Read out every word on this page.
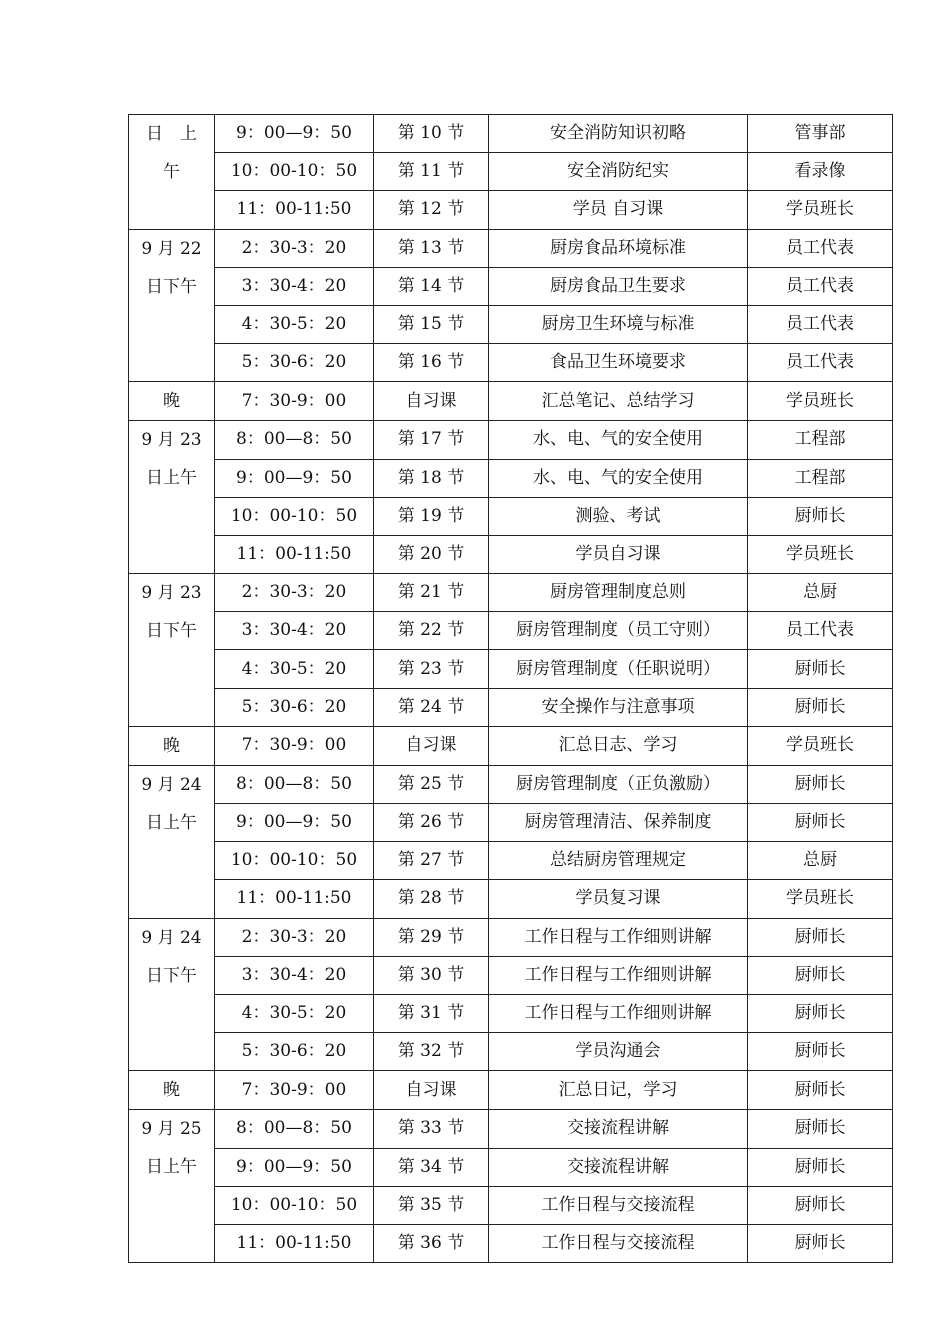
日　上
午	9：00—9：50	第 10 节	安全消防知识初略	管事部
	10：00-10：50	第 11 节	安全消防纪实	看录像
	11：00-11:50	第 12 节	学员 自习课	学员班长

9 月 22
日下午	2：30-3：20	第 13 节	厨房食品环境标准	员工代表
	3：30-4：20	第 14 节	厨房食品卫生要求	员工代表
	4：30-5：20	第 15 节	厨房卫生环境与标准	员工代表
	5：30-6：20	第 16 节	食品卫生环境要求	员工代表

晚	7：30-9：00	自习课	汇总笔记、总结学习	学员班长

9 月 23
日上午	8：00—8：50	第 17 节	水、电、气的安全使用	工程部
	9：00—9：50	第 18 节	水、电、气的安全使用	工程部
	10：00-10：50	第 19 节	测验、考试	厨师长
	11：00-11:50	第 20 节	学员自习课	学员班长

9 月 23
日下午	2：30-3：20	第 21 节	厨房管理制度总则	总厨
	3：30-4：20	第 22 节	厨房管理制度（员工守则）	员工代表
	4：30-5：20	第 23 节	厨房管理制度（任职说明）	厨师长
	5：30-6：20	第 24 节	安全操作与注意事项	厨师长

晚	7：30-9：00	自习课	汇总日志、学习	学员班长

9 月 24
日上午	8：00—8：50	第 25 节	厨房管理制度（正负激励）	厨师长
	9：00—9：50	第 26 节	厨房管理清洁、保养制度	厨师长
	10：00-10：50	第 27 节	总结厨房管理规定	总厨
	11：00-11:50	第 28 节	学员复习课	学员班长

9 月 24
日下午	2：30-3：20	第 29 节	工作日程与工作细则讲解	厨师长
	3：30-4：20	第 30 节	工作日程与工作细则讲解	厨师长
	4：30-5：20	第 31 节	工作日程与工作细则讲解	厨师长
	5：30-6：20	第 32 节	学员沟通会	厨师长

晚	7：30-9：00	自习课	汇总日记，学习	厨师长

9 月 25
日上午	8：00—8：50	第 33 节	交接流程讲解	厨师长
	9：00—9：50	第 34 节	交接流程讲解	厨师长
	10：00-10：50	第 35 节	工作日程与交接流程	厨师长
	11：00-11:50	第 36 节	工作日程与交接流程	厨师长
